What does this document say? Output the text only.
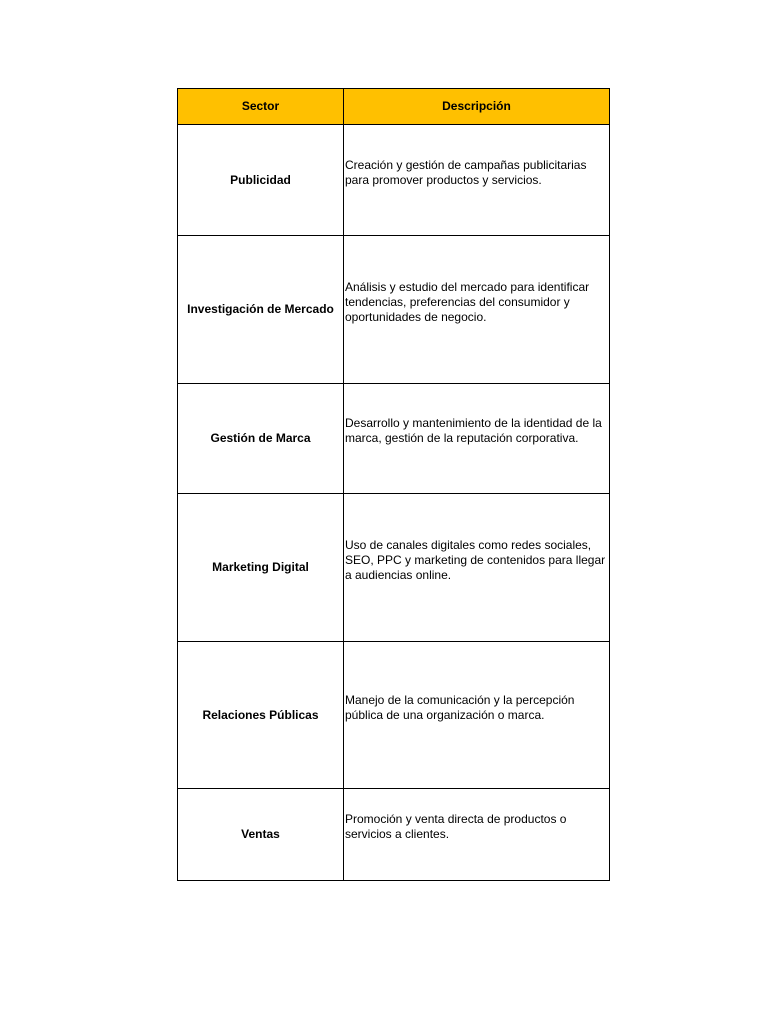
Sector	Descripción
Publicidad	Creación y gestión de campañas publicitarias para promover productos y servicios.

Investigación de Mercado	Análisis y estudio del mercado para identificar tendencias, preferencias del consumidor y oportunidades de negocio.

Gestión de Marca	Desarrollo y mantenimiento de la identidad de la marca, gestión de la reputación corporativa.

Marketing Digital	Uso de canales digitales como redes sociales, SEO, PPC y marketing de contenidos para llegar a audiencias online.

Relaciones Públicas	Manejo de la comunicación y la percepción pública de una organización o marca.

Ventas	Promoción y venta directa de productos o servicios a clientes.
